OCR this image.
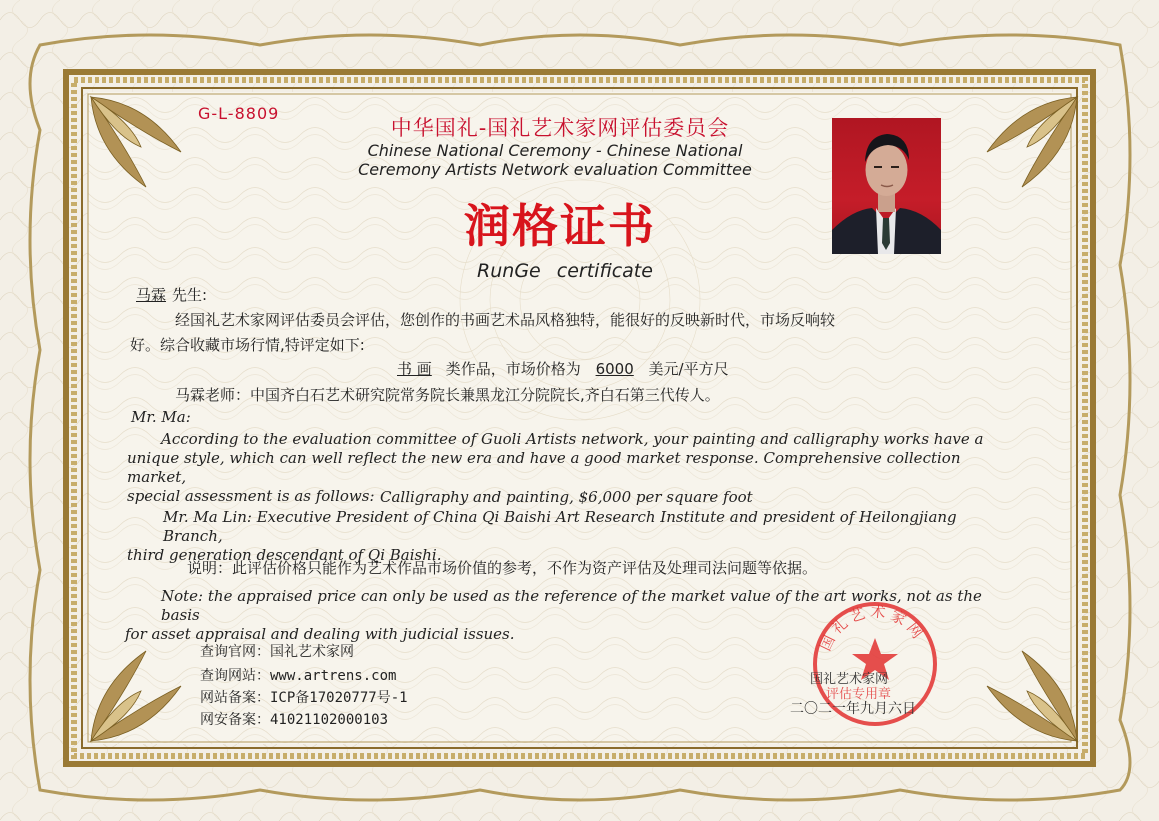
G-L-8809
中华国礼-国礼艺术家网评估委员会
Chinese National Ceremony - Chinese National
Ceremony Artists Network evaluation Committee
润格证书
RunGe certificate
马霖 先生:
经国礼艺术家网评估委员会评估，您创作的书画艺术品风格独特，能很好的反映新时代，市场反响较
好。综合收藏市场行情,特评定如下:
书 画 类作品，市场价格为 6000 美元/平方尺
马霖老师：中国齐白石艺术研究院常务院长兼黑龙江分院院长,齐白石第三代传人。
Mr. Ma:
According to the evaluation committee of Guoli Artists network, your painting and calligraphy works have a
unique style, which can well reflect the new era and have a good market response. Comprehensive collection market,
special assessment is as follows: Calligraphy and painting, $6,000 per square foot
Mr. Ma Lin: Executive President of China Qi Baishi Art Research Institute and president of Heilongjiang Branch,
third generation descendant of Qi Baishi.
说明：此评估价格只能作为艺术作品市场价值的参考，不作为资产评估及处理司法问题等依据。
Note: the appraised price can only be used as the reference of the market value of the art works, not as the basis
for asset appraisal and dealing with judicial issues.
查询官网：国礼艺术家网
查询网站：www.artrens.com
网站备案：ICP备17020777号-1
网安备案：41021102000103
国礼艺术家网
国礼艺术家网
评估专用章
二〇二一年九月六日
